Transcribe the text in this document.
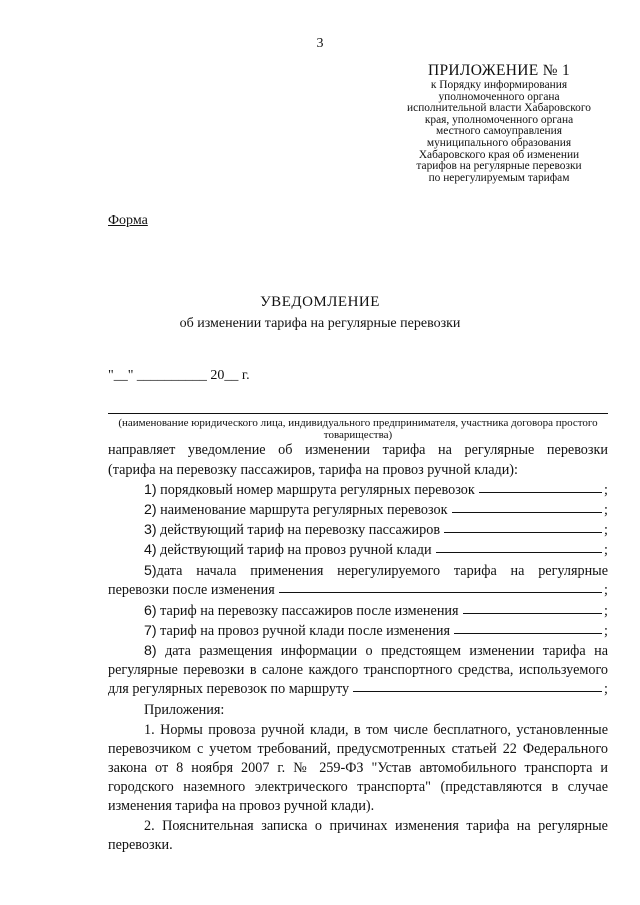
3
ПРИЛОЖЕНИЕ № 1
к Порядку информирования
уполномоченного органа
исполнительной власти Хабаровского
края, уполномоченного органа
местного самоуправления
муниципального образования
Хабаровского края об изменении
тарифов на регулярные перевозки
по нерегулируемым тарифам
Форма
УВЕДОМЛЕНИЕ
об изменении тарифа на регулярные перевозки
"__" __________ 20__ г.
(наименование юридического лица, индивидуального предпринимателя, участника договора простого товарищества)
направляет уведомление об изменении тарифа на регулярные перевозки
(тарифа на перевозку пассажиров, тарифа на провоз ручной клади):
1) порядковый номер маршрута регулярных перевозок	;
2) наименование маршрута регулярных перевозок	;
3) действующий тариф на перевозку пассажиров	;
4) действующий тариф на провоз ручной клади	;
5)дата начала применения нерегулируемого тарифа на регулярные
перевозки после изменения	;
6) тариф на перевозку пассажиров после изменения	;
7) тариф на провоз ручной клади после изменения	;
8) дата размещения информации о предстоящем изменении тарифа на
регулярные перевозки в салоне каждого транспортного средства, используемого
для регулярных перевозок по маршруту	;
Приложения:
1. Нормы провоза ручной клади, в том числе бесплатного, установленные
перевозчиком с учетом требований, предусмотренных статьей 22 Федерального
закона от 8 ноября 2007 г. № 259-ФЗ "Устав автомобильного транспорта и
городского наземного электрического транспорта" (представляются в случае
изменения тарифа на провоз ручной клади).
2. Пояснительная записка о причинах изменения тарифа на регулярные
перевозки.
